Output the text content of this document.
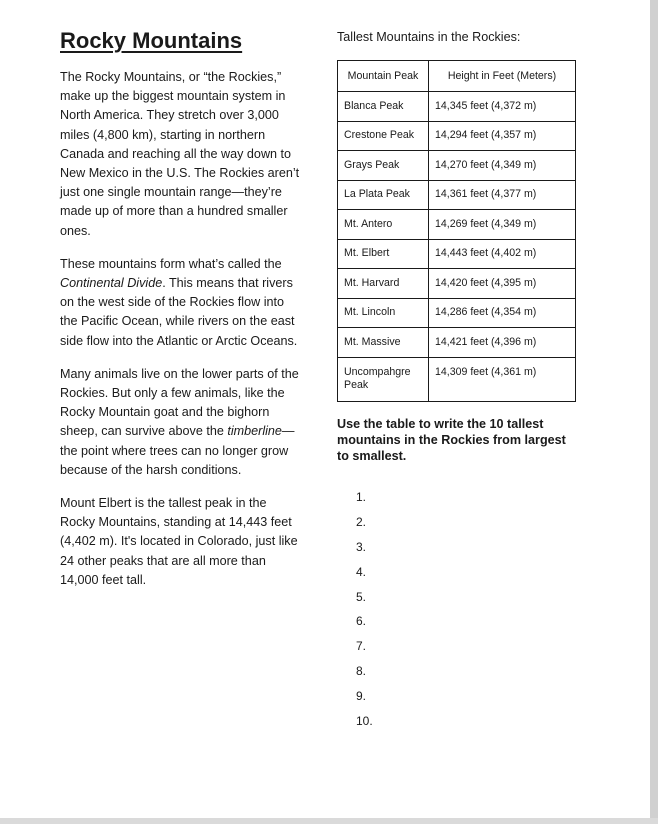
Rocky Mountains

The Rocky Mountains, or “the Rockies,” make up the biggest mountain system in North America. They stretch over 3,000 miles (4,800 km), starting in northern Canada and reaching all the way down to New Mexico in the U.S. The Rockies aren’t just one single mountain range—they’re made up of more than a hundred smaller ones.

These mountains form what’s called the Continental Divide. This means that rivers on the west side of the Rockies flow into the Pacific Ocean, while rivers on the east side flow into the Atlantic or Arctic Oceans.

Many animals live on the lower parts of the Rockies. But only a few animals, like the Rocky Mountain goat and the bighorn sheep, can survive above the timberline—the point where trees can no longer grow because of the harsh conditions.

Mount Elbert is the tallest peak in the Rocky Mountains, standing at 14,443 feet (4,402 m). It's located in Colorado, just like 24 other peaks that are all more than 14,000 feet tall.

Tallest Mountains in the Rockies:

Mountain Peak	Height in Feet (Meters)
Blanca Peak	14,345 feet (4,372 m)
Crestone Peak	14,294 feet (4,357 m)
Grays Peak	14,270 feet (4,349 m)
La Plata Peak	14,361 feet (4,377 m)
Mt. Antero	14,269 feet (4,349 m)
Mt. Elbert	14,443 feet (4,402 m)
Mt. Harvard	14,420 feet (4,395 m)
Mt. Lincoln	14,286 feet (4,354 m)
Mt. Massive	14,421 feet (4,396 m)
Uncompahgre Peak	14,309 feet (4,361 m)

Use the table to write the 10 tallest mountains in the Rockies from largest to smallest.

1.
2.
3.
4.
5.
6.
7.
8.
9.
10.
